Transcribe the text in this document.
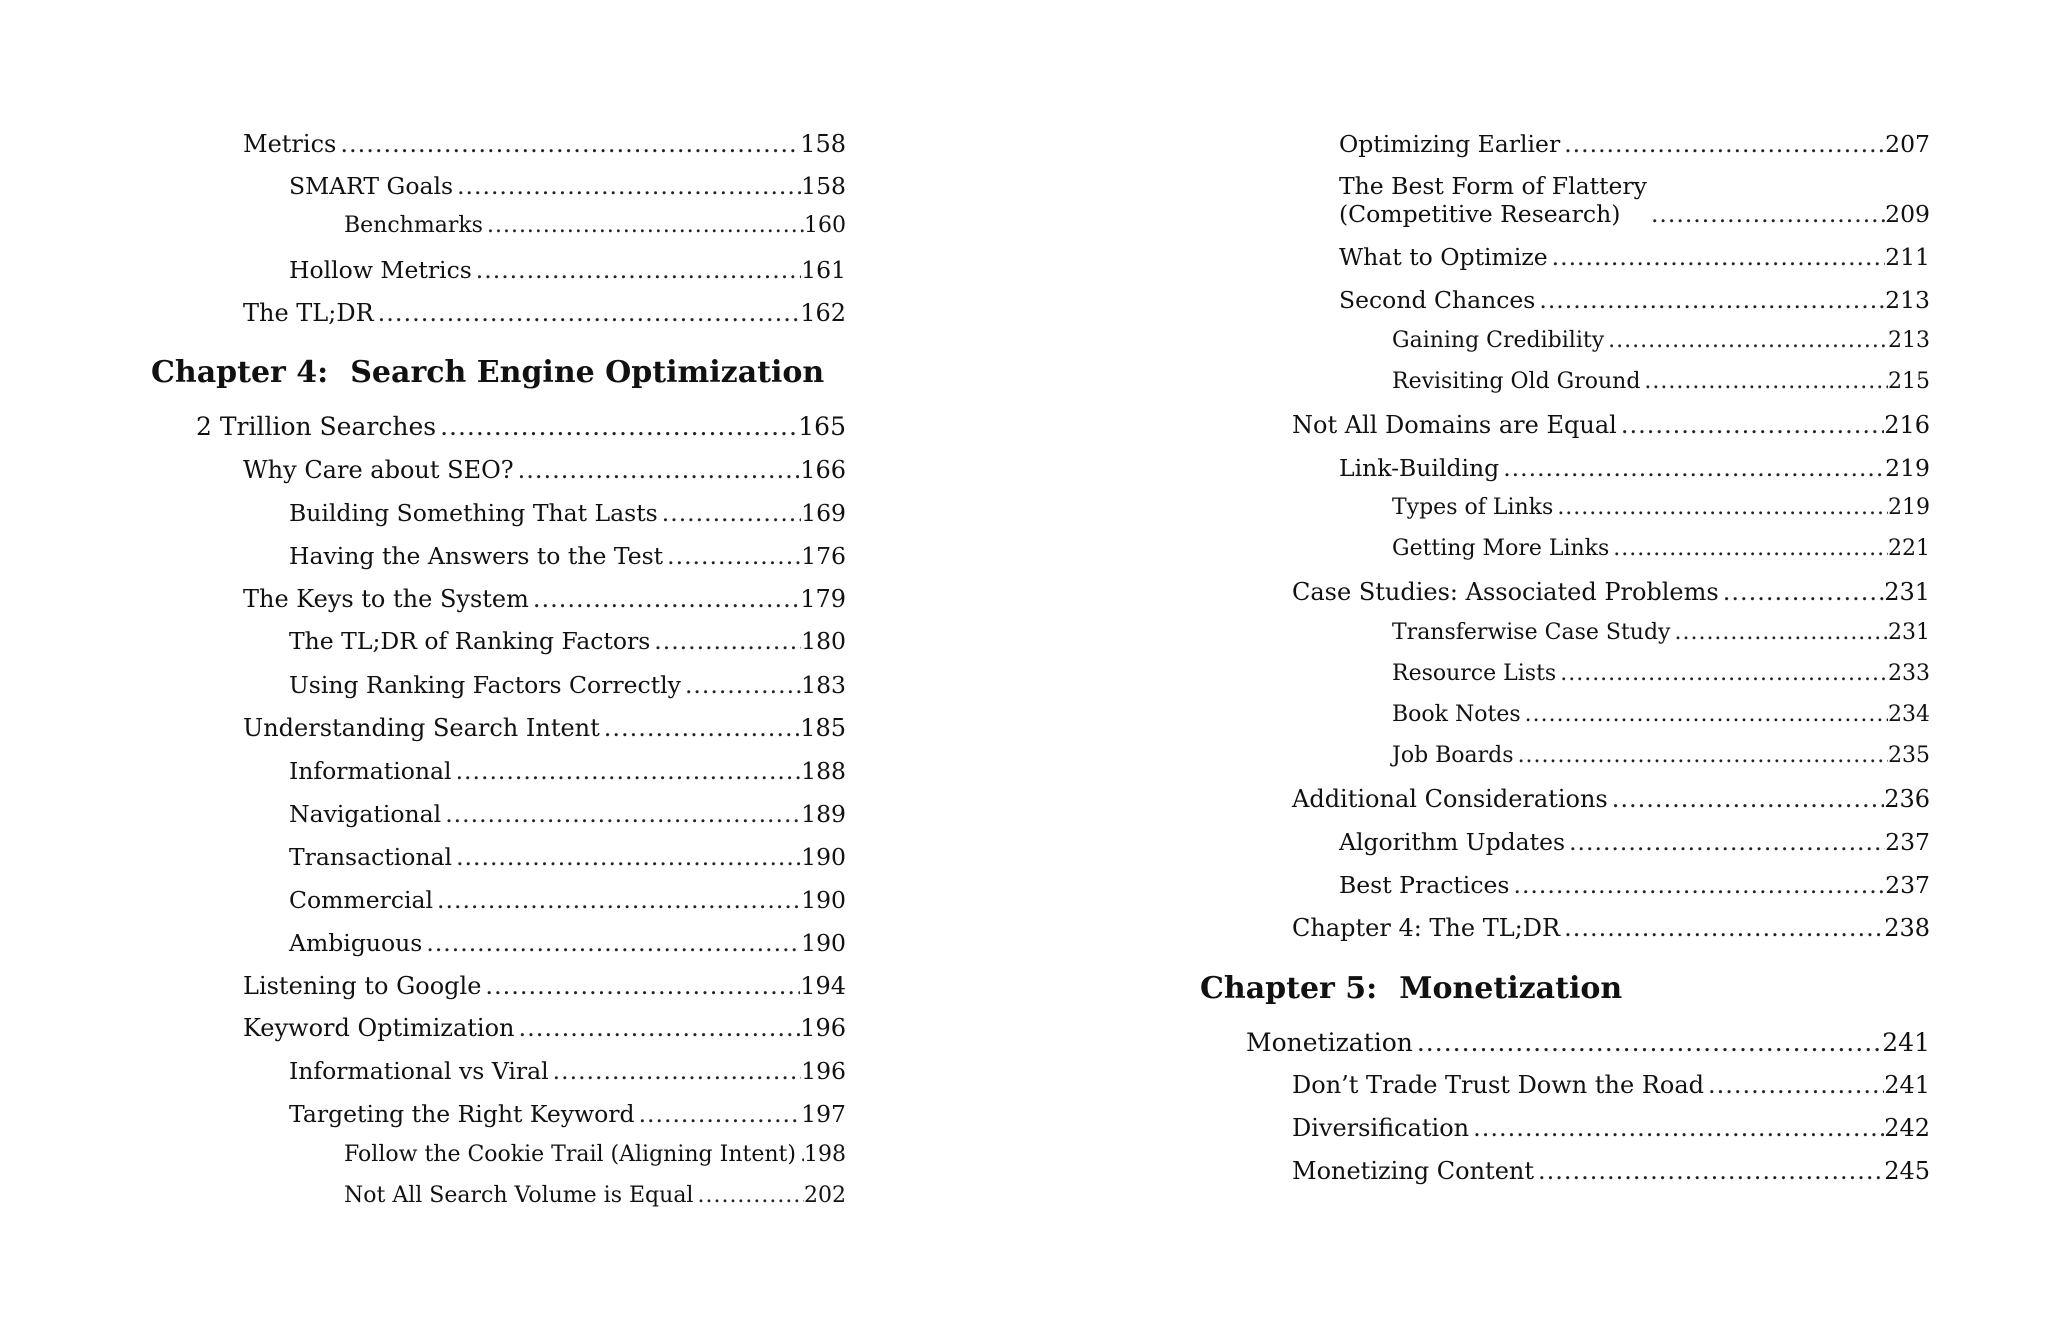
Metrics .....	158
SMART Goals .....	158
Benchmarks .....	160
Hollow Metrics .....	161
The TL;DR .....	162
Chapter 4: Search Engine Optimization
2 Trillion Searches .....	165
Why Care about SEO? .....	166
Building Something That Lasts .....	169
Having the Answers to the Test .....	176
The Keys to the System .....	179
The TL;DR of Ranking Factors .....	180
Using Ranking Factors Correctly .....	183
Understanding Search Intent .....	185
Informational .....	188
Navigational .....	189
Transactional .....	190
Commercial .....	190
Ambiguous .....	190
Listening to Google .....	194
Keyword Optimization .....	196
Informational vs Viral .....	196
Targeting the Right Keyword .....	197
Follow the Cookie Trail (Aligning Intent) ..... 198
Not All Search Volume is Equal .....	202
Optimizing Earlier .....	207
The Best Form of Flattery
(Competitive Research) .....	209
What to Optimize .....	211
Second Chances .....	213
Gaining Credibility .....	213
Revisiting Old Ground .....	215
Not All Domains are Equal .....	216
Link-Building .....	219
Types of Links .....	219
Getting More Links .....	221
Case Studies: Associated Problems .....	231
Transferwise Case Study .....	231
Resource Lists .....	233
Book Notes .....	234
Job Boards .....	235
Additional Considerations .....	236
Algorithm Updates .....	237
Best Practices .....	237
Chapter 4: The TL;DR .....	238
Chapter 5: Monetization
Monetization .....	241
Don’t Trade Trust Down the Road .....	241
Diversification .....	242
Monetizing Content .....	245
